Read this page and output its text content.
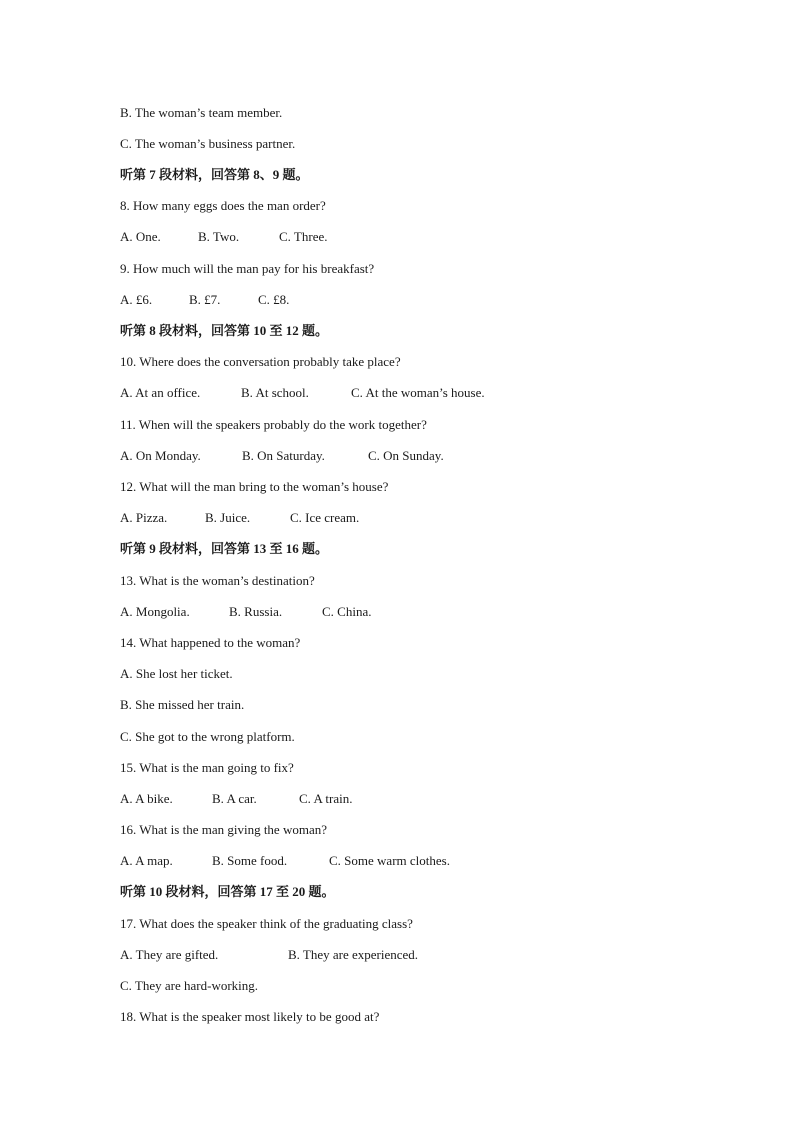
B. The woman’s team member.
C. The woman’s business partner.
听第 7 段材料，回答第 8、9 题。
8. How many eggs does the man order?
A. One.	B. Two.	C. Three.
9. How much will the man pay for his breakfast?
A. £6.	B. £7.	C. £8.
听第 8 段材料，回答第 10 至 12 题。
10. Where does the conversation probably take place?
A. At an office.	B. At school.	C. At the woman’s house.
11. When will the speakers probably do the work together?
A. On Monday.	B. On Saturday.	C. On Sunday.
12. What will the man bring to the woman’s house?
A. Pizza.	B. Juice.	C. Ice cream.
听第 9 段材料，回答第 13 至 16 题。
13. What is the woman’s destination?
A. Mongolia.	B. Russia.	C. China.
14. What happened to the woman?
A. She lost her ticket.
B. She missed her train.
C. She got to the wrong platform.
15. What is the man going to fix?
A. A bike.	B. A car.	C. A train.
16. What is the man giving the woman?
A. A map.	B. Some food.	C. Some warm clothes.
听第 10 段材料，回答第 17 至 20 题。
17. What does the speaker think of the graduating class?
A. They are gifted.	B. They are experienced.
C. They are hard-working.
18. What is the speaker most likely to be good at?
